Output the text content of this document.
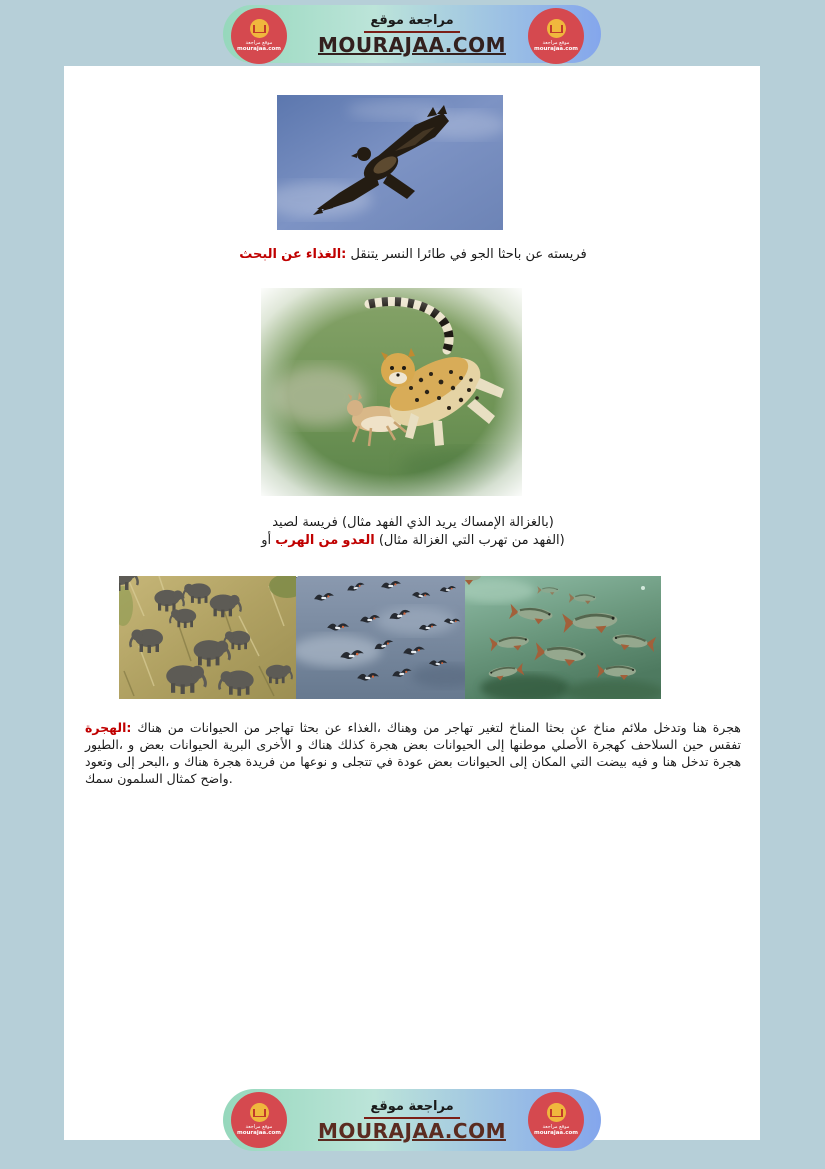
موقع مراجعة
MOURAJAA.COM
موقع مراجعة
mourajaa.com
موقع مراجعة
mourajaa.com
البحث عن الغذاء: يتنقل النسر طائرا في الجو باحثا عن فريسته
لصيد فريسة (مثال الفهد الذي يريد الإمساك بالغزالة)
أو الهرب من العدو (مثال الغزالة التي تهرب من الفهد)
الهجرة: هناك من الحيوانات من تهاجر بحثا عن الغذاء، وهناك من تهاجر لتغير المناخ بحثا عن مناخ ملائم وتدخل هنا هجرة الطيور، و بعض الحيوانات البرية الأخرى و هناك كذلك هجرة بعض الحيوانات إلى موطنها الأصلي كهجرة السلاحف حين تفقس وتعود إلى البحر، و هناك هجرة فريدة من نوعها و تتجلى في عودة بعض الحيوانات إلى المكان التي بيضت فيه و هنا تدخل هجرة سمك السلمون كمثال واضح.
موقع مراجعة
MOURAJAA.COM
موقع مراجعة
mourajaa.com
موقع مراجعة
mourajaa.com
